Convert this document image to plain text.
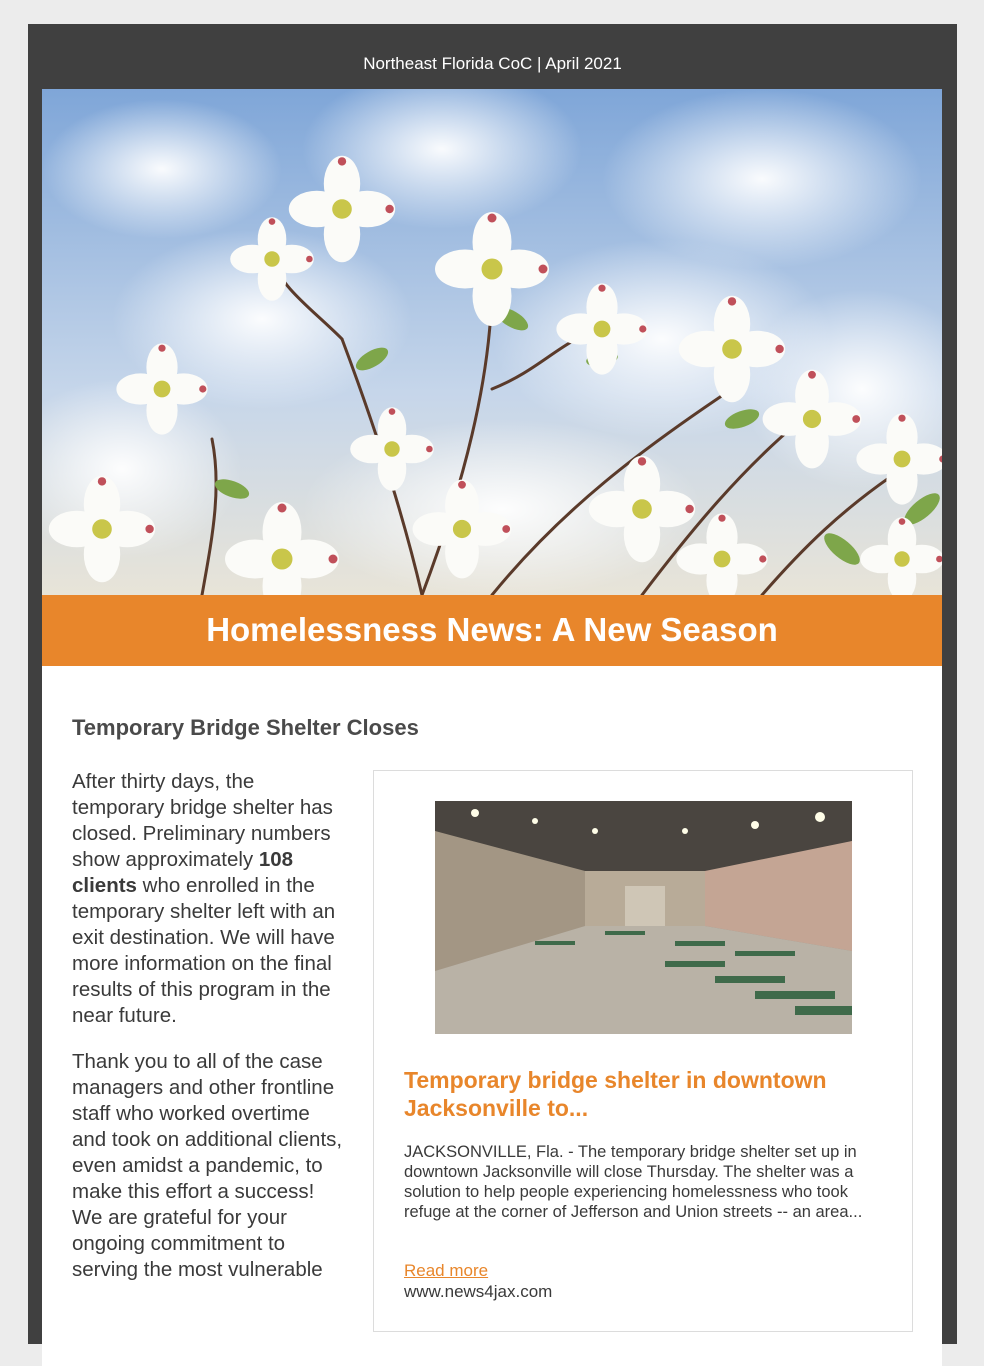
Northeast Florida CoC | April 2021
Homelessness News: A New Season
Temporary Bridge Shelter Closes

After thirty days, the temporary bridge shelter has closed. Preliminary numbers show approximately 108 clients who enrolled in the temporary shelter left with an exit destination. We will have more information on the final results of this program in the near future.

Thank you to all of the case managers and other frontline staff who worked overtime and took on additional clients, even amidst a pandemic, to make this effort a success! We are grateful for your ongoing commitment to serving the most vulnerable

Temporary bridge shelter in downtown Jacksonville to...
JACKSONVILLE, Fla. - The temporary bridge shelter set up in downtown Jacksonville will close Thursday. The shelter was a solution to help people experiencing homelessness who took refuge at the corner of Jefferson and Union streets -- an area...
Read more
www.news4jax.com
